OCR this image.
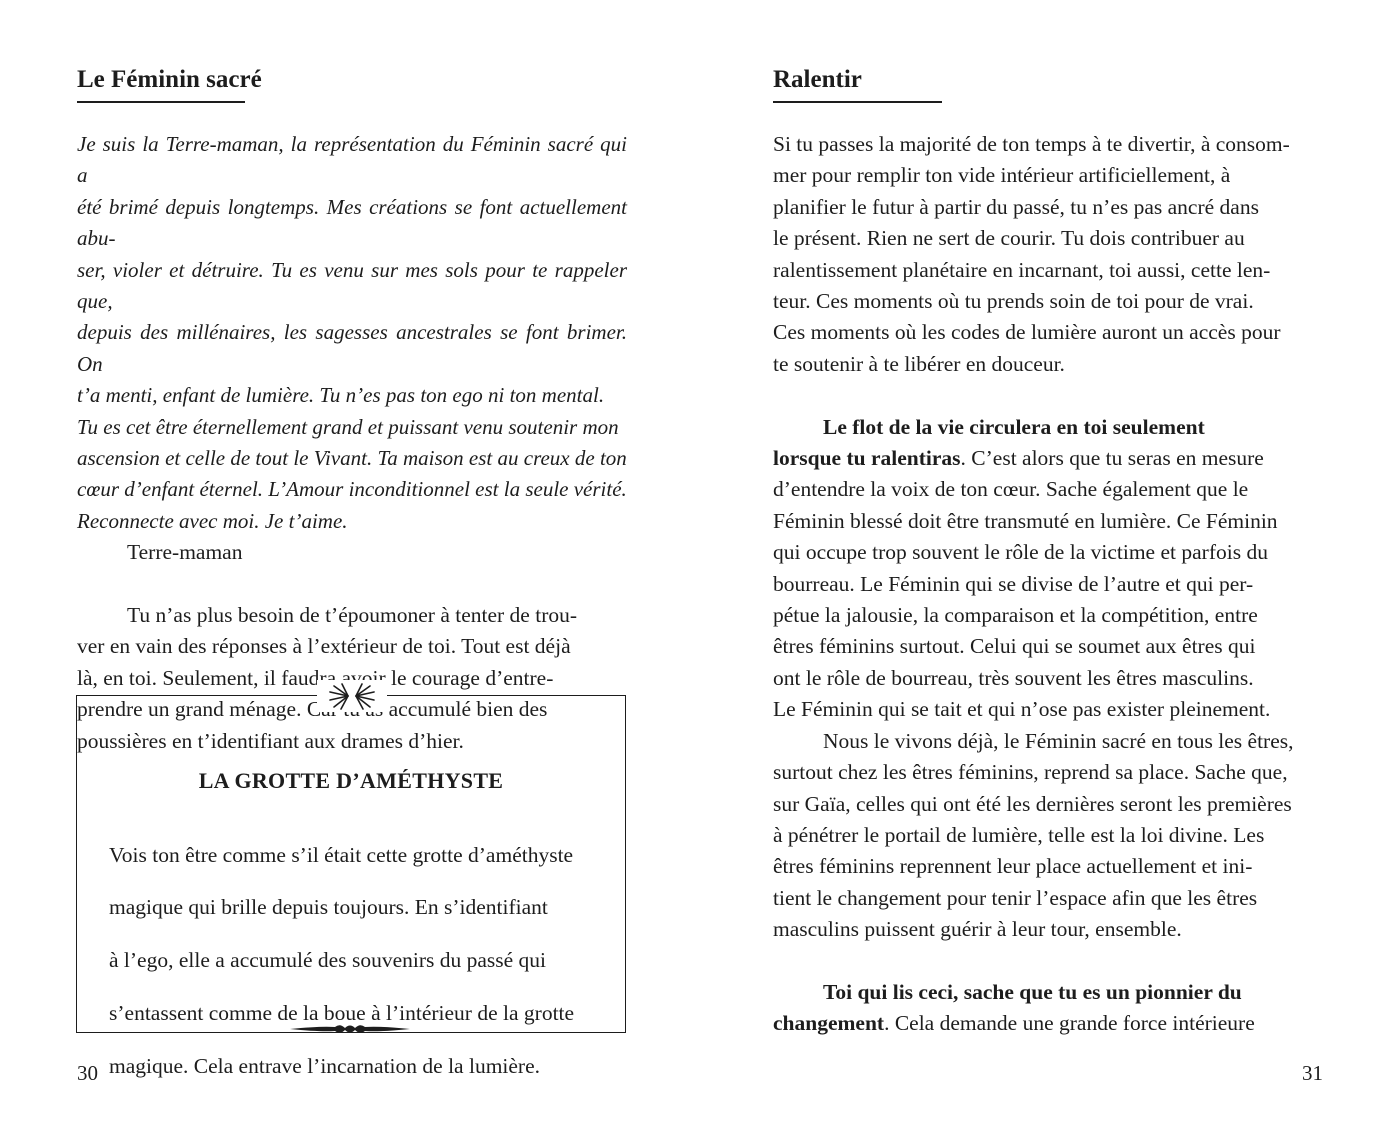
Le Féminin sacré

Je suis la Terre-maman, la représentation du Féminin sacré qui a

été brimé depuis longtemps. Mes créations se font actuellement abu-

ser, violer et détruire. Tu es venu sur mes sols pour te rappeler que,

depuis des millénaires, les sagesses ancestrales se font brimer. On

t’a menti, enfant de lumière. Tu n’es pas ton ego ni ton mental.

Tu es cet être éternellement grand et puissant venu soutenir mon

ascension et celle de tout le Vivant. Ta maison est au creux de ton

cœur d’enfant éternel. L’Amour inconditionnel est la seule vérité.

Reconnecte avec moi. Je t’aime.

Terre-maman

Tu n’as plus besoin de t’époumoner à tenter de trou-

ver en vain des réponses à l’extérieur de toi. Tout est déjà

là, en toi. Seulement, il faudra avoir le courage d’entre-

prendre un grand ménage. Car tu as accumulé bien des

poussières en t’identifiant aux drames d’hier.

LA GROTTE D’AMÉTHYSTE

Vois ton être comme s’il était cette grotte d’améthyste

magique qui brille depuis toujours. En s’identifiant

à l’ego, elle a accumulé des souvenirs du passé qui

s’entassent comme de la boue à l’intérieur de la grotte

magique. Cela entrave l’incarnation de la lumière.

30
Ralentir

Si tu passes la majorité de ton temps à te divertir, à consom-

mer pour remplir ton vide intérieur artificiellement, à

planifier le futur à partir du passé, tu n’es pas ancré dans

le présent. Rien ne sert de courir. Tu dois contribuer au

ralentissement planétaire en incarnant, toi aussi, cette len-

teur. Ces moments où tu prends soin de toi pour de vrai.

Ces moments où les codes de lumière auront un accès pour

te soutenir à te libérer en douceur.

Le flot de la vie circulera en toi seulement

lorsque tu ralentiras. C’est alors que tu seras en mesure

d’entendre la voix de ton cœur. Sache également que le

Féminin blessé doit être transmuté en lumière. Ce Féminin

qui occupe trop souvent le rôle de la victime et parfois du

bourreau. Le Féminin qui se divise de l’autre et qui per-

pétue la jalousie, la comparaison et la compétition, entre

êtres féminins surtout. Celui qui se soumet aux êtres qui

ont le rôle de bourreau, très souvent les êtres masculins.

Le Féminin qui se tait et qui n’ose pas exister pleinement.

Nous le vivons déjà, le Féminin sacré en tous les êtres,

surtout chez les êtres féminins, reprend sa place. Sache que,

sur Gaïa, celles qui ont été les dernières seront les premières

à pénétrer le portail de lumière, telle est la loi divine. Les

êtres féminins reprennent leur place actuellement et ini-

tient le changement pour tenir l’espace afin que les êtres

masculins puissent guérir à leur tour, ensemble.

Toi qui lis ceci, sache que tu es un pionnier du

changement. Cela demande une grande force intérieure

31
